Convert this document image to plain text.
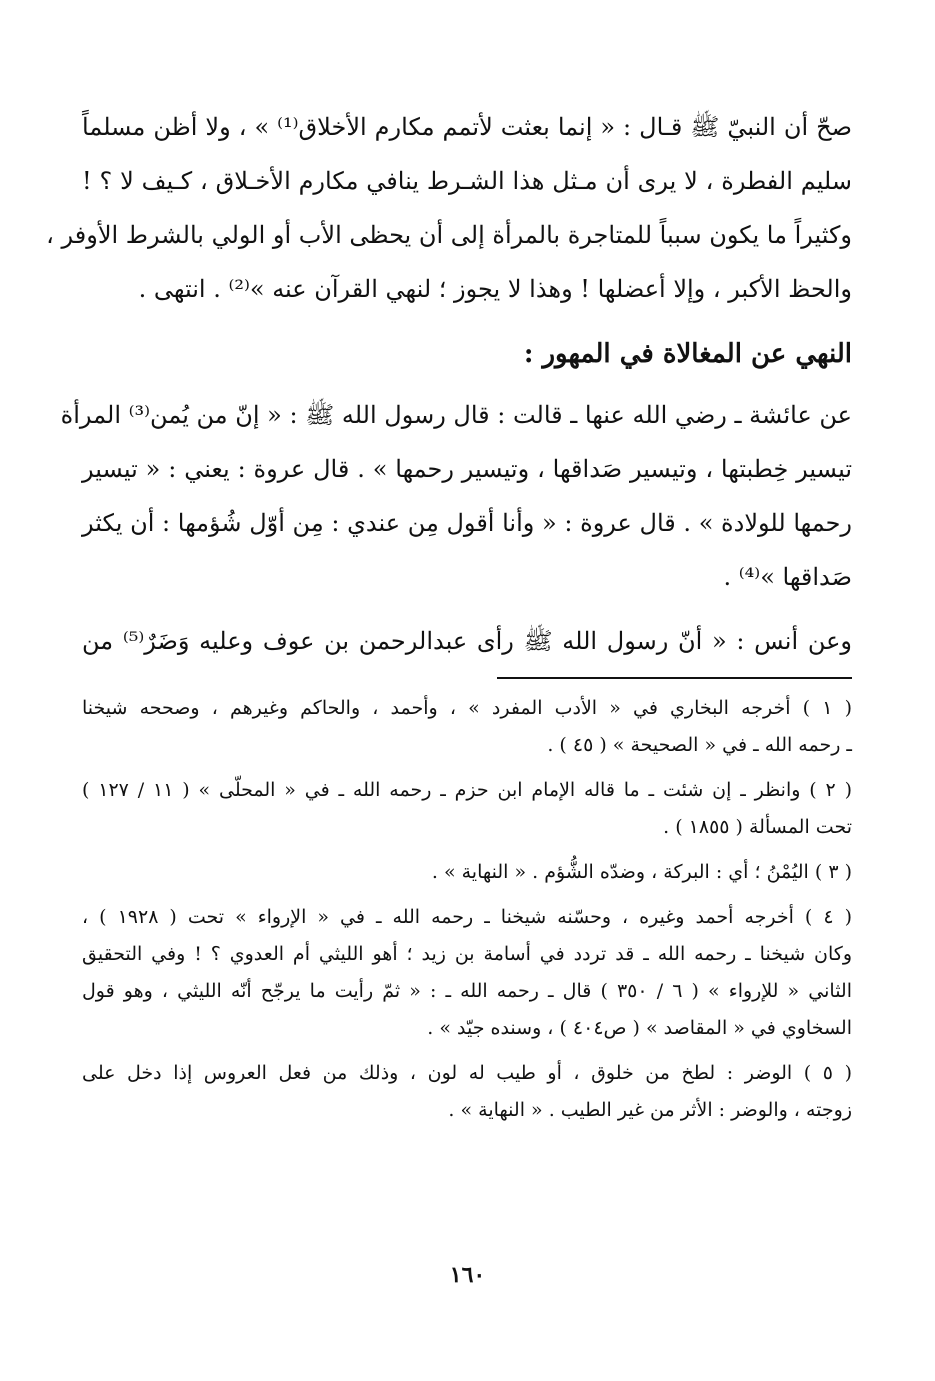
صحّ أن النبيّ ﷺ قـال : « إنما بعثت لأتمم مكارم الأخلاق⁽¹⁾ » ، ولا أظن مسلماً
سليم الفطرة ، لا يرى أن مـثل هذا الشـرط ينافي مكارم الأخـلاق ، كـيف لا ؟ !
وكثيراً ما يكون سبباً للمتاجرة بالمرأة إلى أن يحظى الأب أو الولي بالشرط الأوفر ،
والحظ الأكبر ، وإلا أعضلها ! وهذا لا يجوز ؛ لنهي القرآن عنه »⁽²⁾ . انتهى .
النهي عن المغالاة في المهور :
عن عائشة ـ رضي الله عنها ـ قالت : قال رسول الله ﷺ : « إنّ من يُمن⁽³⁾ المرأة
تيسير خِطبتها ، وتيسير صَداقها ، وتيسير رحمها » . قال عروة : يعني : « تيسير
رحمها للولادة » . قال عروة : « وأنا أقول مِن عندي : مِن أوّل شُؤمها : أن يكثر
صَداقها »⁽⁴⁾ .
وعن أنس : « أنّ رسول الله ﷺ رأى عبدالرحمن بن عوف وعليه وَضَرٌ⁽⁵⁾ من
( ١ ) أخرجه البخاري في « الأدب المفرد » ، وأحمد ، والحاكم وغيرهم ، وصححه شيخنا
ـ رحمه الله ـ في « الصحيحة » ( ٤٥ ) .
( ٢ ) وانظر ـ إن شئت ـ ما قاله الإمام ابن حزم ـ رحمه الله ـ في « المحلّى » ( ١١ / ١٢٧ )
تحت المسألة ( ١٨٥٥ ) .
( ٣ ) اليُمْنُ ؛ أي : البركة ، وضدّه الشُّؤم . « النهاية » .
( ٤ ) أخرجه أحمد وغيره ، وحسّنه شيخنا ـ رحمه الله ـ في « الإرواء » تحت ( ١٩٢٨ ) ،
وكان شيخنا ـ رحمه الله ـ قد تردد في أسامة بن زيد ؛ أهو الليثي أم العدوي ؟ ! وفي التحقيق
الثاني « للإرواء » ( ٦ / ٣٥٠ ) قال ـ رحمه الله ـ : « ثمّ رأيت ما يرجّح أنّه الليثي ، وهو قول
السخاوي في « المقاصد » ( ص٤٠٤ ) ، وسنده جيّد » .
( ٥ ) الوضر : لطخ من خلوق ، أو طيب له لون ، وذلك من فعل العروس إذا دخل على
زوجته ، والوضر : الأثر من غير الطيب . « النهاية » .
١٦٠
